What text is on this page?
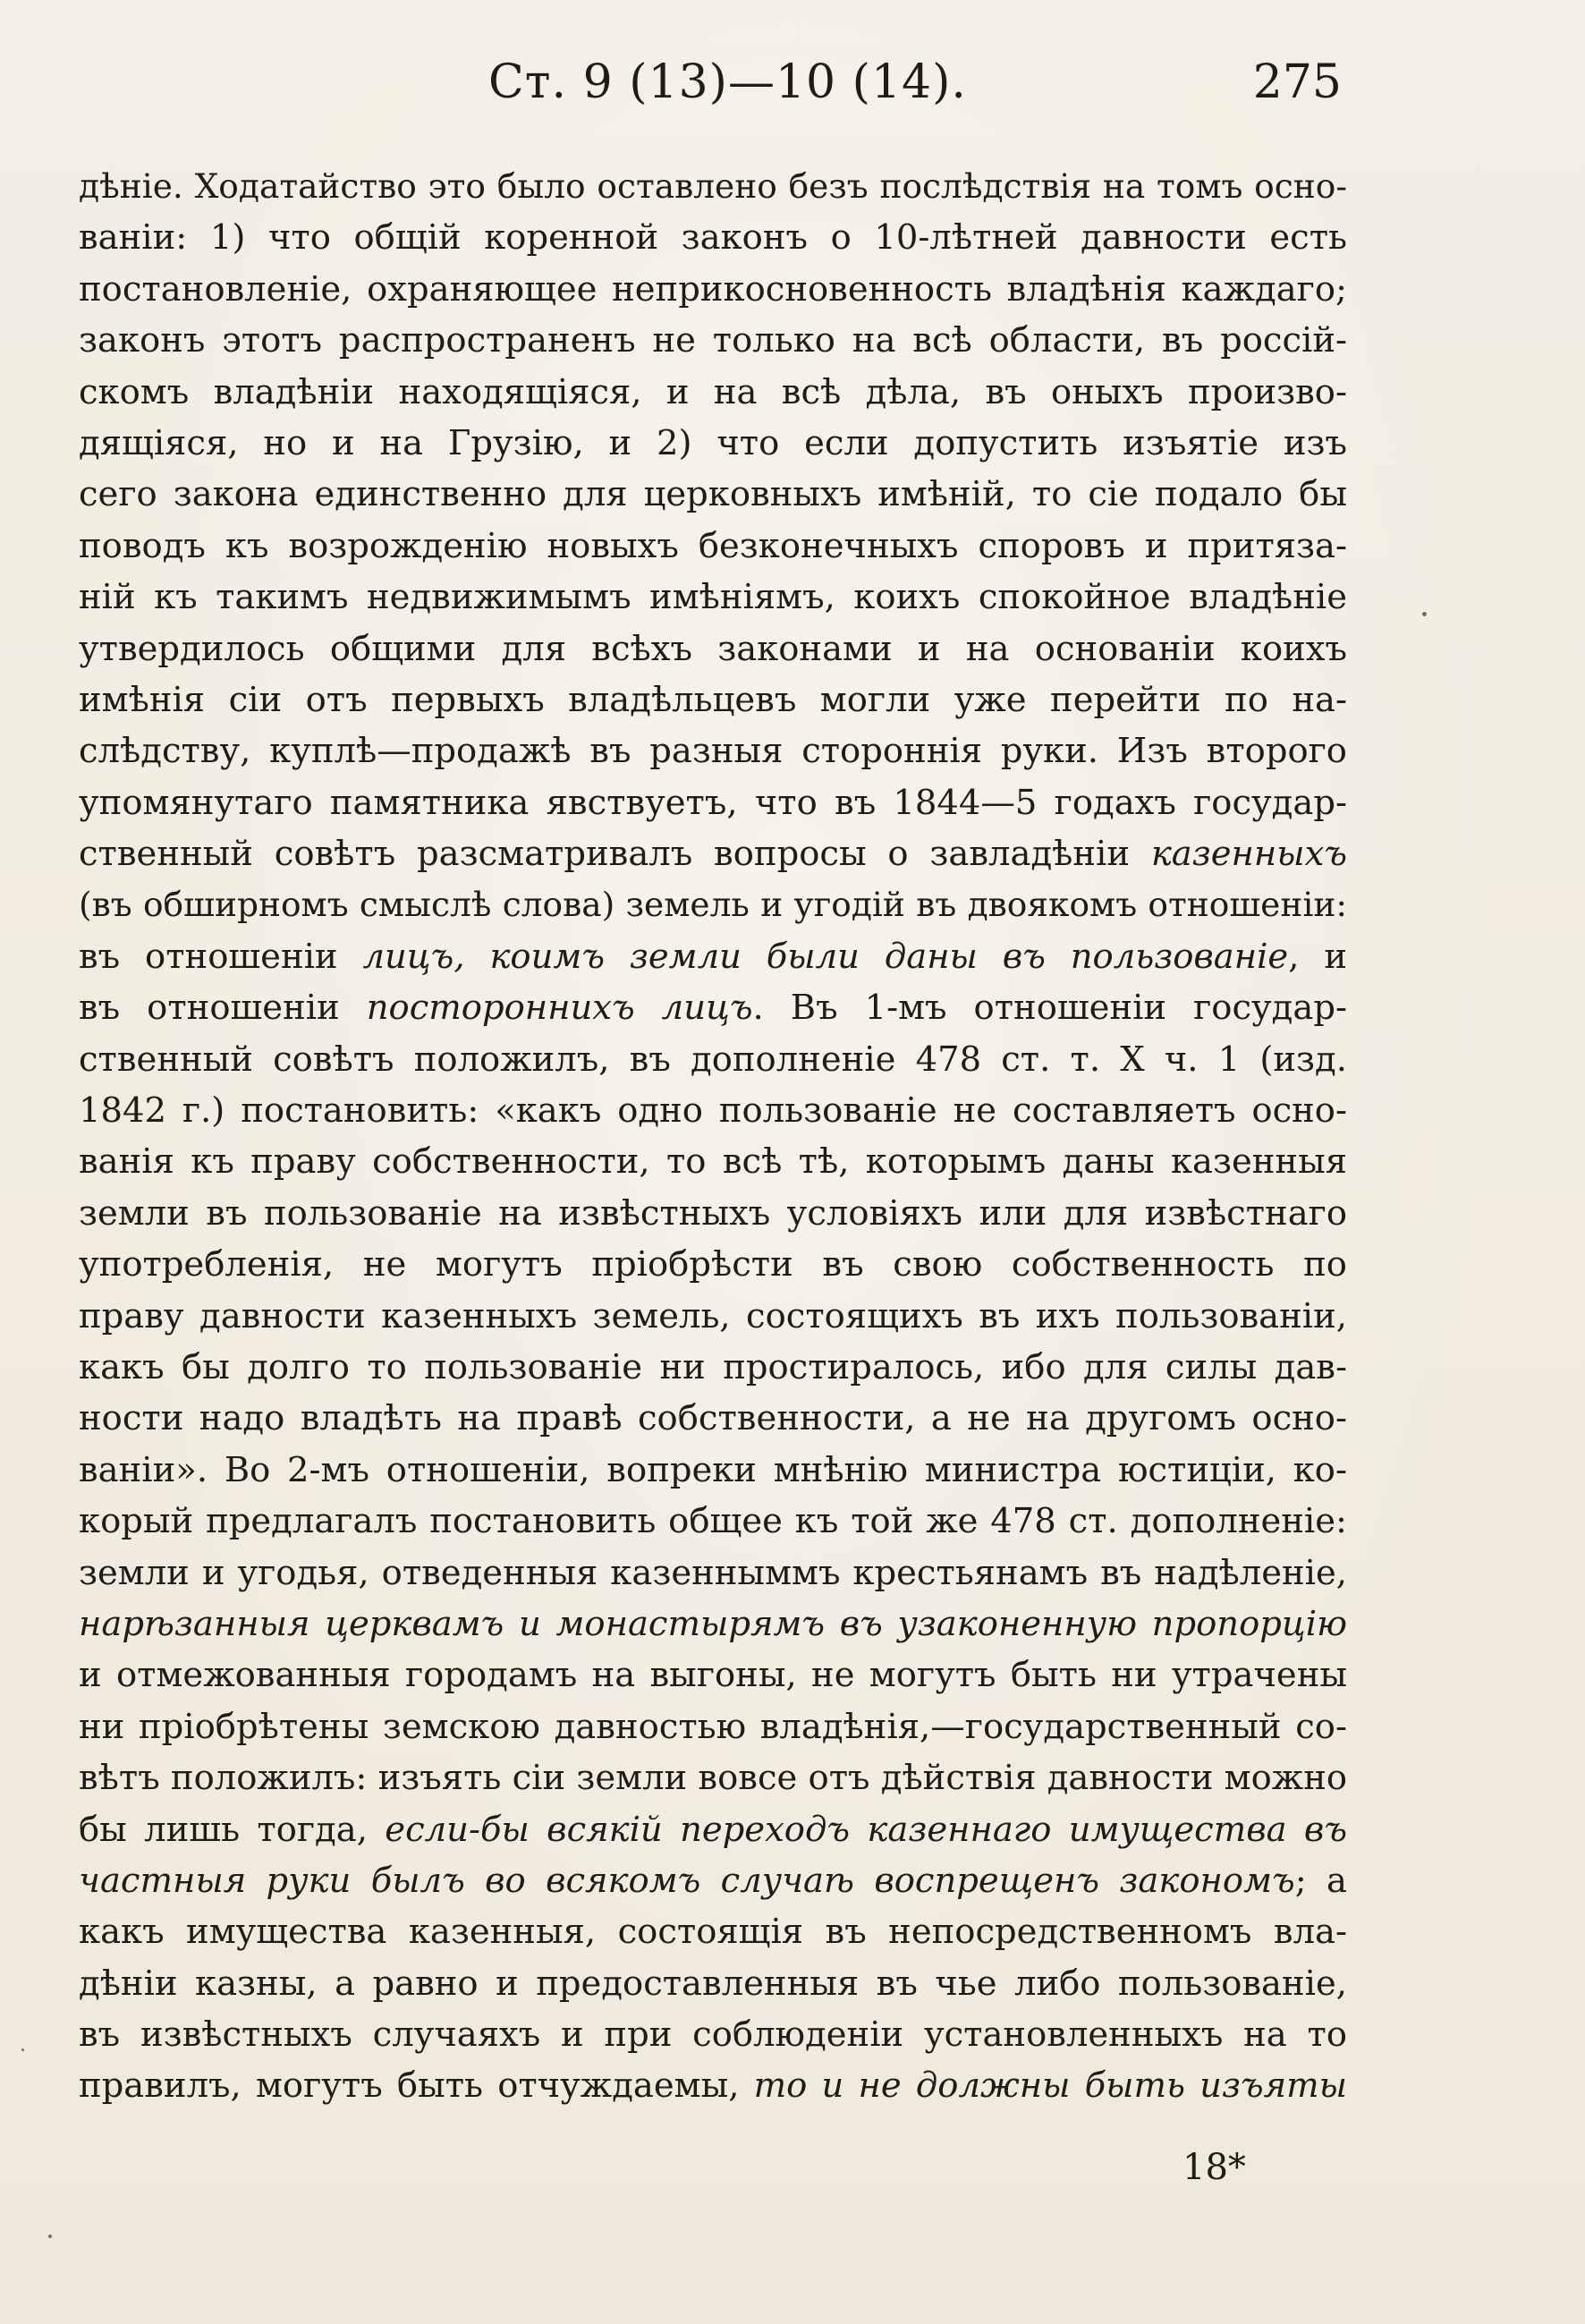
Ст. 9 (13)—10 (14).	275
дѣніе. Ходатайство это было оставлено безъ послѣдствія на томъ осно-
ваніи: 1) что общій коренной законъ о 10-лѣтней давности есть
постановленіе, охраняющее неприкосновенность владѣнія каждаго;
законъ этотъ распространенъ не только на всѣ области, въ россій-
скомъ владѣніи находящіяся, и на всѣ дѣла, въ оныхъ произво-
дящіяся, но и на Грузію, и 2) что если допустить изъятіе изъ
сего закона единственно для церковныхъ имѣній, то сіе подало бы
поводъ къ возрожденію новыхъ безконечныхъ споровъ и притяза-
ній къ такимъ недвижимымъ имѣніямъ, коихъ спокойное владѣніе
утвердилось общими для всѣхъ законами и на основаніи коихъ
имѣнія сіи отъ первыхъ владѣльцевъ могли уже перейти по на-
слѣдству, куплѣ—продажѣ въ разныя стороннія руки. Изъ второго
упомянутаго памятника явствуетъ, что въ 1844—5 годахъ государ-
ственный совѣтъ разсматривалъ вопросы о завладѣніи казенныхъ
(въ обширномъ смыслѣ слова) земель и угодій въ двоякомъ отношеніи:
въ отношеніи лицъ, коимъ земли были даны въ пользованіе, и
въ отношеніи постороннихъ лицъ. Въ 1-мъ отношеніи государ-
ственный совѣтъ положилъ, въ дополненіе 478 ст. т. X ч. 1 (изд.
1842 г.) постановить: «какъ одно пользованіе не составляетъ осно-
ванія къ праву собственности, то всѣ тѣ, которымъ даны казенныя
земли въ пользованіе на извѣстныхъ условіяхъ или для извѣстнаго
употребленія, не могутъ пріобрѣсти въ свою собственность по
праву давности казенныхъ земель, состоящихъ въ ихъ пользованіи,
какъ бы долго то пользованіе ни простиралось, ибо для силы дав-
ности надо владѣть на правѣ собственности, а не на другомъ осно-
ваніи». Во 2-мъ отношеніи, вопреки мнѣнію министра юстиціи, ко-
корый предлагалъ постановить общее къ той же 478 ст. дополненіе:
земли и угодья, отведенныя казенныммъ крестьянамъ въ надѣленіе,
нарѣзанныя церквамъ и монастырямъ въ узаконенную пропорцію
и отмежованныя городамъ на выгоны, не могутъ быть ни утрачены
ни пріобрѣтены земскою давностью владѣнія,—государственный со-
вѣтъ положилъ: изъять сіи земли вовсе отъ дѣйствія давности можно
бы лишь тогда, если-бы всякій переходъ казеннаго имущества въ
частныя руки былъ во всякомъ случаѣ воспрещенъ закономъ; а
какъ имущества казенныя, состоящія въ непосредственномъ вла-
дѣніи казны, а равно и предоставленныя въ чье либо пользованіе,
въ извѣстныхъ случаяхъ и при соблюденіи установленныхъ на то
правилъ, могутъ быть отчуждаемы, то и не должны быть изъяты
18*
